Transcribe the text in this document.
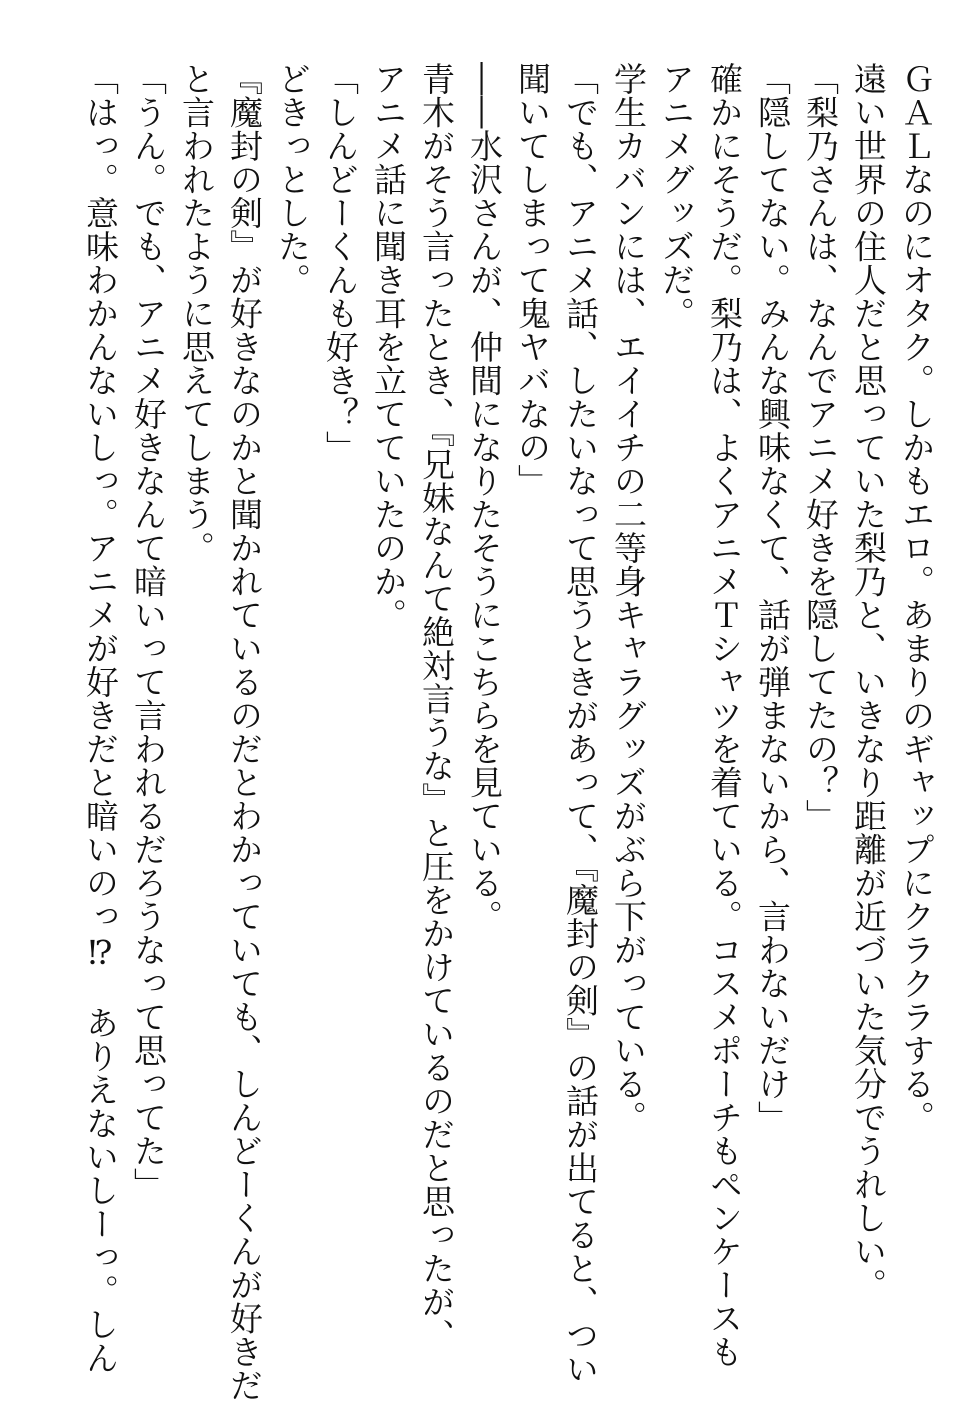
ＧＡＬなのにオタク。しかもエロ。あまりのギャップにクラクラする。

遠い世界の住人だと思っていた梨乃と、いきなり距離が近づいた気分でうれしい。

「梨乃さんは、なんでアニメ好きを隠してたの？」

「隠してない。みんな興味なくて、話が弾まないから、言わないだけ」

確かにそうだ。梨乃は、よくアニメＴシャツを着ている。コスメポーチもペンケースも

アニメグッズだ。

学生カバンには、エイイチの二等身キャラグッズがぶら下がっている。

「でも、アニメ話、したいなって思うときがあって、『魔封の剣』の話が出てると、つい

聞いてしまって鬼ヤバなの」

――水沢さんが、仲間になりたそうにこちらを見ている。

青木がそう言ったとき、『兄妹なんて絶対言うな』と圧をかけているのだと思ったが、

アニメ話に聞き耳を立てていたのか。

「しんどーくんも好き？」

どきっとした。

『魔封の剣』が好きなのかと聞かれているのだとわかっていても、しんどーくんが好きだ

と言われたように思えてしまう。

「うん。でも、アニメ好きなんて暗いって言われるだろうなって思ってた」

「はっ。意味わかんないしっ。アニメが好きだと暗いのっ⁉　ありえないしーっ。しん
